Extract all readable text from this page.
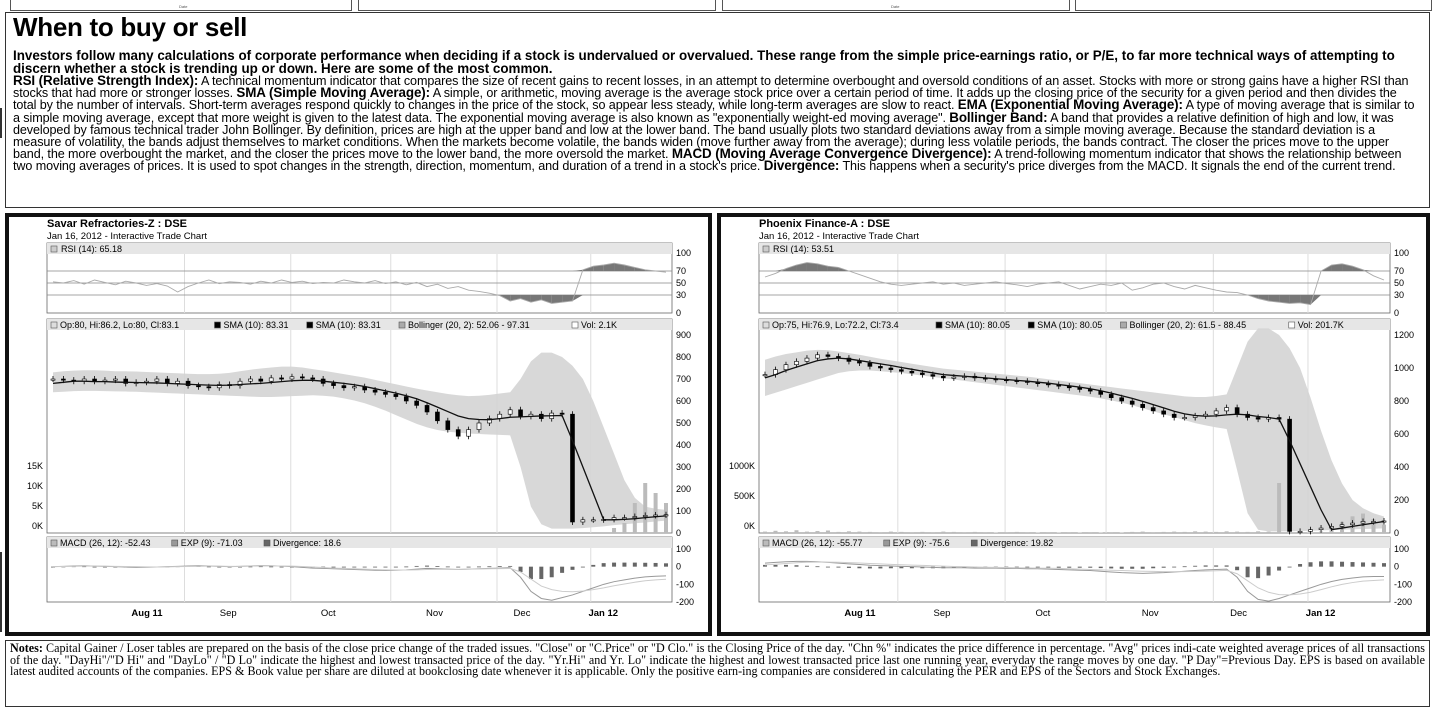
Date	Date
When to buy or sell

Investors follow many calculations of corporate performance when deciding if a stock is undervalued or overvalued. These range from the simple price-earnings ratio, or P/E, to far more technical ways of attempting to discern whether a stock is trending up or down. Here are some of the most common.

RSI (Relative Strength Index): A technical momentum indicator that compares the size of recent gains to recent losses, in an attempt to determine overbought and oversold conditions of an asset. Stocks with more or strong gains have a higher RSI than stocks that had more or stronger losses. SMA (Simple Moving Average): A simple, or arithmetic, moving average is the average stock price over a certain period of time. It adds up the closing price of the security for a given period and then divides the total by the number of intervals. Short-term averages respond quickly to changes in the price of the stock, so appear less steady, while long-term averages are slow to react. EMA (Exponential Moving Average): A type of moving average that is similar to a simple moving average, except that more weight is given to the latest data. The exponential moving average is also known as "exponentially weight-ed moving average". Bollinger Band: A band that provides a relative definition of high and low, it was developed by famous technical trader John Bollinger. By definition, prices are high at the upper band and low at the lower band. The band usually plots two standard deviations away from a simple moving average. Because the standard deviation is a measure of volatility, the bands adjust themselves to market conditions. When the markets become volatile, the bands widen (move further away from the average); during less volatile periods, the bands contract. The closer the prices move to the upper band, the more overbought the market, and the closer the prices move to the lower band, the more oversold the market. MACD (Moving Average Convergence Divergence): A trend-following momentum indicator that shows the relationship between two moving averages of prices. It is used to spot changes in the strength, direction, momentum, and duration of a trend in a stock's price. Divergence: This happens when a security's price diverges from the MACD. It signals the end of the current trend.

Savar Refractories-Z : DSE
Jan 16, 2012 - Interactive Trade Chart
RSI (14): 65.18	100
70
50
30
0
Op:80, Hi:86.2, Lo:80, Cl:83.1	SMA (10): 83.31	SMA (10): 83.31	Bollinger (20, 2): 52.06 - 97.31	Vol: 2.1K
900
800
700
600
500
400
300
200
100
0
15K
10K
5K
0K
MACD (26, 12): -52.43	EXP (9): -71.03	Divergence: 18.6
100
0
-100
-200
Aug 11	Sep	Oct	Nov	Dec	Jan 12
Phoenix Finance-A : DSE
Jan 16, 2012 - Interactive Trade Chart
RSI (14): 53.51	100
70
50
30
0
Op:75, Hi:76.9, Lo:72.2, Cl:73.4	SMA (10): 80.05	SMA (10): 80.05	Bollinger (20, 2): 61.5 - 88.45	Vol: 201.7K
1200
1000
800
600
400
200
0
1000K
500K
0K
MACD (26, 12): -55.77	EXP (9): -75.6	Divergence: 19.82
100
0
-100
-200
Aug 11	Sep	Oct	Nov	Dec	Jan 12
Notes: Capital Gainer / Loser tables are prepared on the basis of the close price change of the traded issues. "Close" or "C.Price" or "D Clo." is the Closing Price of the day. "Chn %" indicates the price difference in percentage. "Avg" prices indi-cate weighted average prices of all transactions of the day. "DayHi"/"D Hi" and "DayLo" / "D Lo" indicate the highest and lowest transacted price of the day. "Yr.Hi" and Yr. Lo" indicate the highest and lowest transacted price last one running year, everyday the range moves by one day. "P Day"=Previous Day. EPS is based on available latest audited accounts of the companies. EPS & Book value per share are diluted at bookclosing date whenever it is applicable. Only the positive earn-ing companies are considered in calculating the PER and EPS of the Sectors and Stock Exchanges.
